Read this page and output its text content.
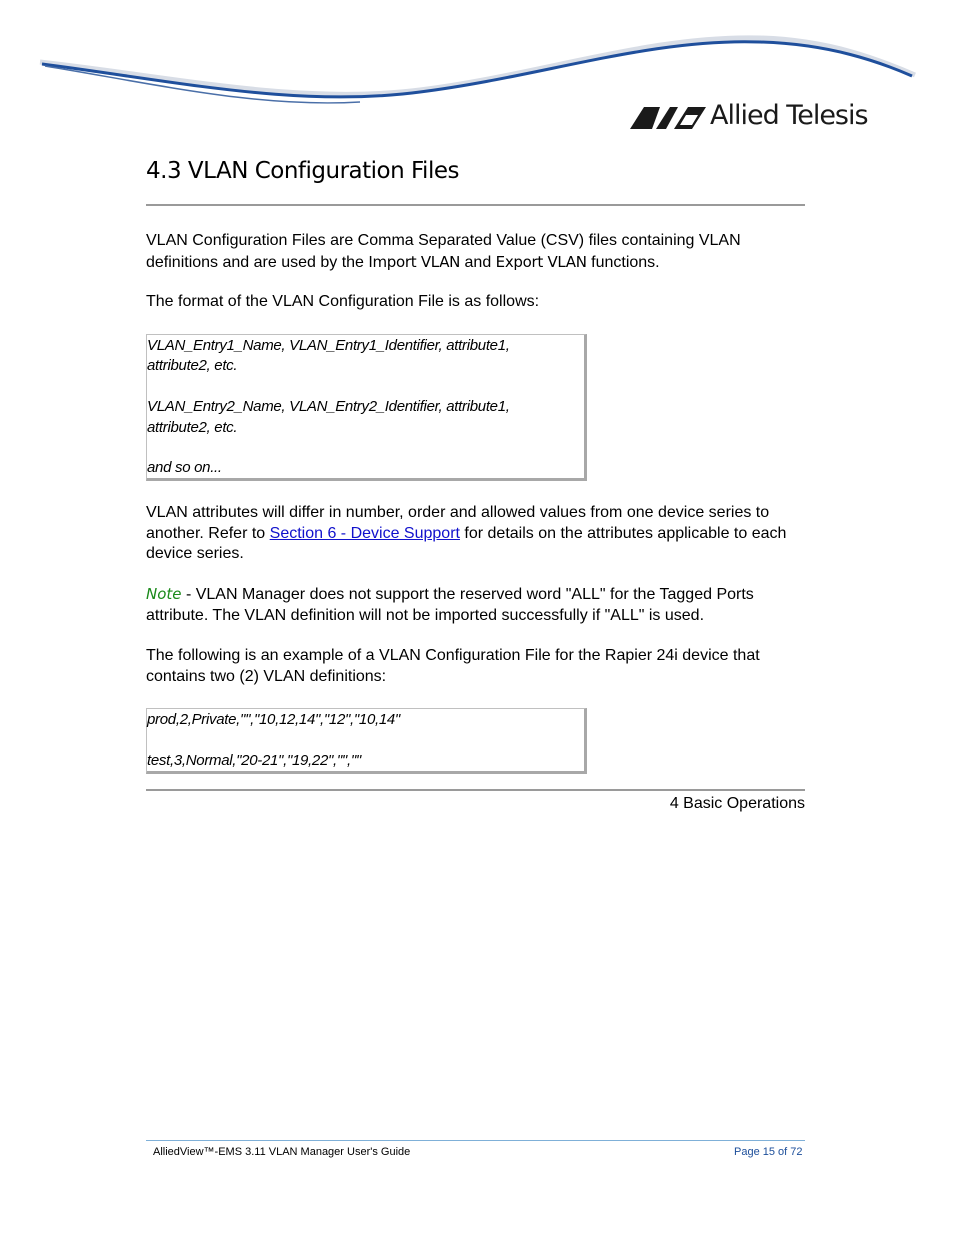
Allied Telesis
4.3 VLAN Configuration Files

VLAN Configuration Files are Comma Separated Value (CSV) files containing VLAN definitions and are used by the Import VLAN and Export VLAN functions.

The format of the VLAN Configuration File is as follows:

VLAN_Entry1_Name, VLAN_Entry1_Identifier, attribute1,
attribute2, etc.
VLAN_Entry2_Name, VLAN_Entry2_Identifier, attribute1,
attribute2, etc.
and so on...

VLAN attributes will differ in number, order and allowed values from one device series to another. Refer to Section 6 - Device Support for details on the attributes applicable to each device series.

Note - VLAN Manager does not support the reserved word "ALL" for the Tagged Ports attribute. The VLAN definition will not be imported successfully if "ALL" is used.

The following is an example of a VLAN Configuration File for the Rapier 24i device that contains two (2) VLAN definitions:

prod,2,Private,"","10,12,14","12","10,14"
test,3,Normal,"20-21","19,22","",""
4 Basic Operations
AlliedView™-EMS 3.11 VLAN Manager User's Guide	Page 15 of 72
